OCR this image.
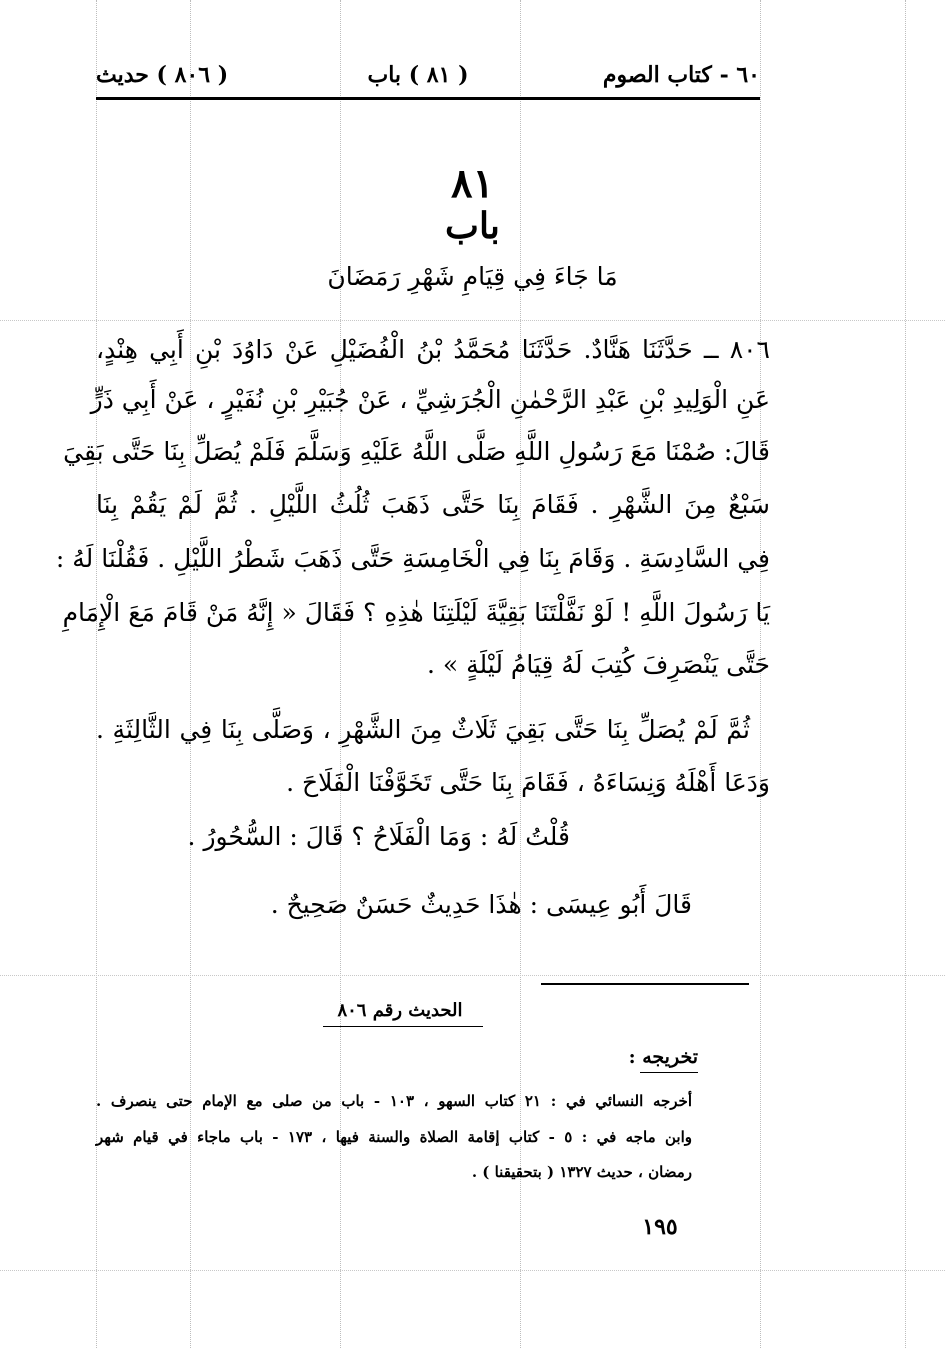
٦٠ - كتاب الصوم
( ٨١ ) باب
( ٨٠٦ ) حديث
٨١
باب
مَا جَاءَ فِي قِيَامِ شَهْرِ رَمَضَانَ
٨٠٦ ــ حَدَّثَنَا هَنَّادٌ. حَدَّثَنَا مُحَمَّدُ بْنُ الْفُضَيْلِ عَنْ دَاوُدَ بْنِ أَبِي هِنْدٍ،
عَنِ الْوَلِيدِ بْنِ عَبْدِ الرَّحْمٰنِ الْجُرَشِيِّ ، عَنْ جُبَيْرِ بْنِ نُفَيْرٍ ، عَنْ أَبِي ذَرٍّ
قَالَ: صُمْنَا مَعَ رَسُولِ اللَّهِ صَلَّى اللَّهُ عَلَيْهِ وَسَلَّمَ فَلَمْ يُصَلِّ بِنَا حَتَّى بَقِيَ
سَبْعٌ مِنَ الشَّهْرِ . فَقَامَ بِنَا حَتَّى ذَهَبَ ثُلُثُ اللَّيْلِ . ثُمَّ لَمْ يَقُمْ بِنَا
فِي السَّادِسَةِ . وَقَامَ بِنَا فِي الْخَامِسَةِ حَتَّى ذَهَبَ شَطْرُ اللَّيْلِ . فَقُلْنَا لَهُ :
يَا رَسُولَ اللَّهِ ! لَوْ نَفَّلْتَنَا بَقِيَّةَ لَيْلَتِنَا هٰذِهِ ؟ فَقَالَ « إِنَّهُ مَنْ قَامَ مَعَ الْإِمَامِ
حَتَّى يَنْصَرِفَ كُتِبَ لَهُ قِيَامُ لَيْلَةٍ » .
ثُمَّ لَمْ يُصَلِّ بِنَا حَتَّى بَقِيَ ثَلَاثٌ مِنَ الشَّهْرِ ، وَصَلَّى بِنَا فِي الثَّالِثَةِ .
وَدَعَا أَهْلَهُ وَنِسَاءَهُ ، فَقَامَ بِنَا حَتَّى تَخَوَّفْنَا الْفَلَاحَ .
قُلْتُ لَهُ : وَمَا الْفَلَاحُ ؟ قَالَ : السُّحُورُ .
قَالَ أَبُو عِيسَى : هٰذَا حَدِيثٌ حَسَنٌ صَحِيحٌ .
الحديث رقم ٨٠٦
تخريجه :
أخرجه النسائي في : ٢١ كتاب السهو ، ١٠٣ - باب من صلى مع الإمام حتى ينصرف .
وابن ماجه في : ٥ - كتاب إقامة الصلاة والسنة فيها ، ١٧٣ - باب ماجاء في قيام شهر
رمضان ، حديث ١٣٢٧ ( بتحقيقنا ) .
١٩٥
